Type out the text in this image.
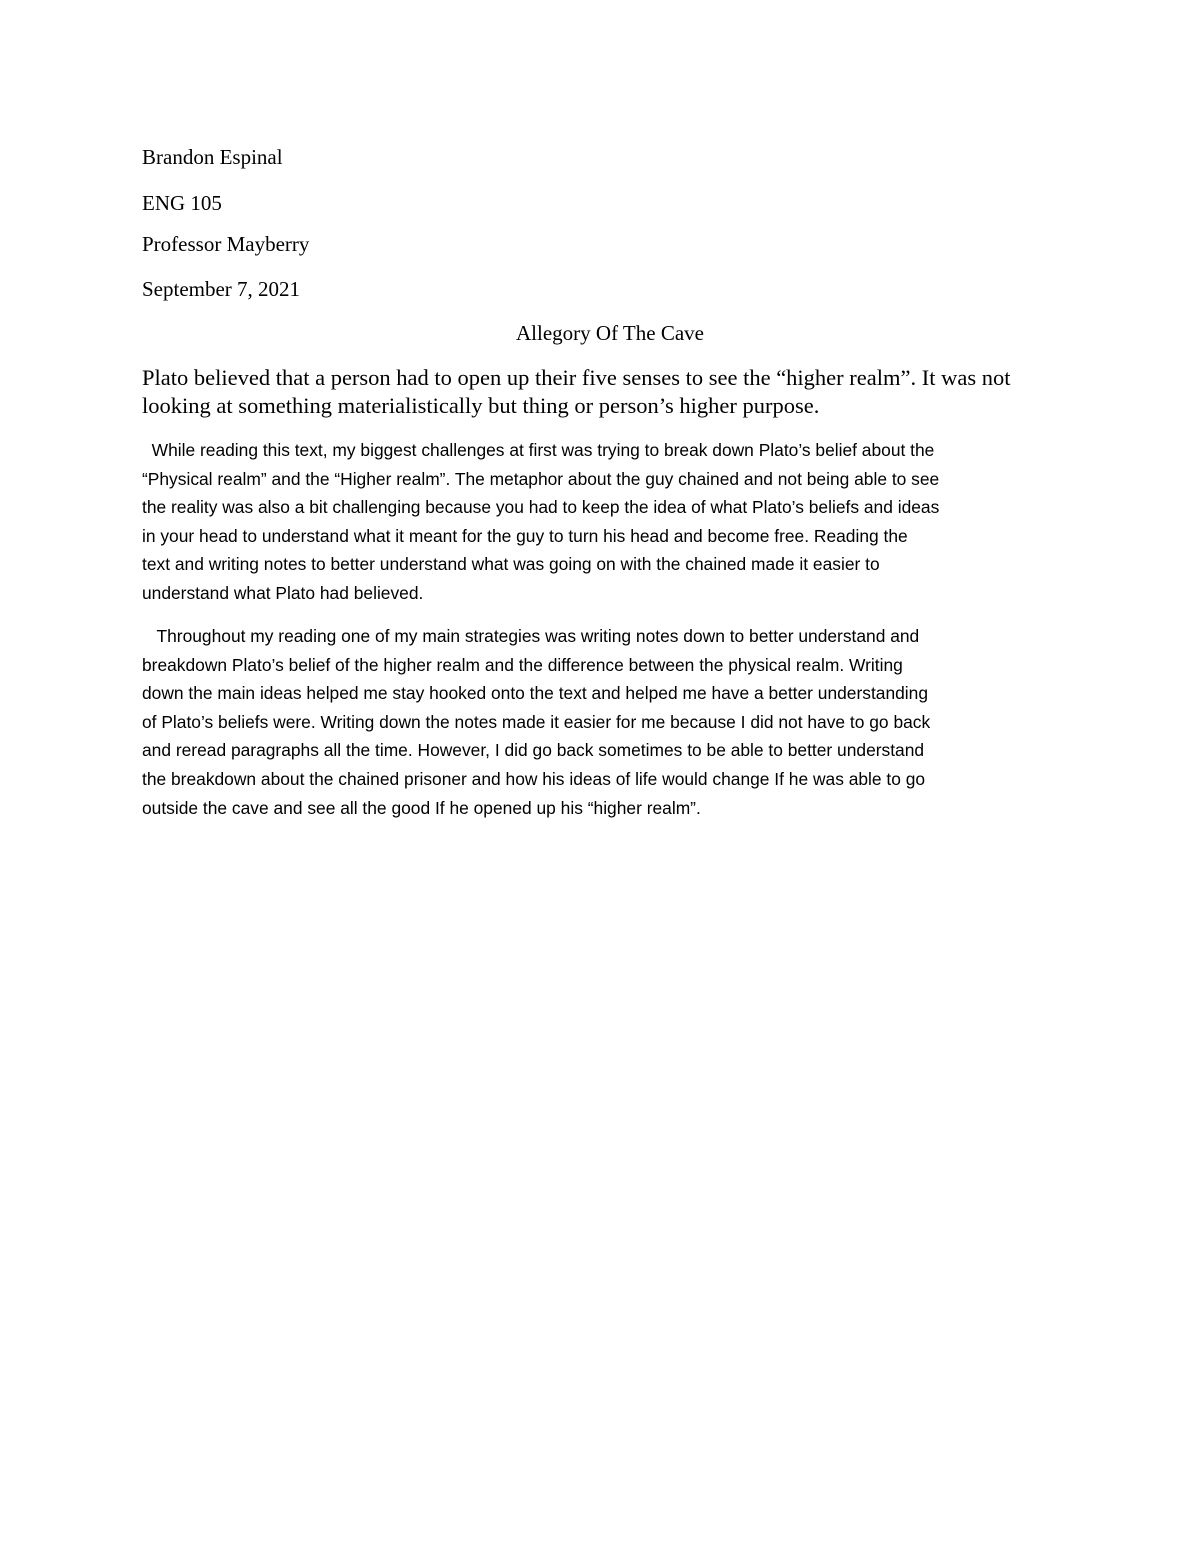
Brandon Espinal
ENG 105
Professor Mayberry
September 7, 2021
Allegory Of The Cave
Plato believed that a person had to open up their five senses to see the “higher realm”. It was not
looking at something materialistically but thing or person’s higher purpose.
While reading this text, my biggest challenges at first was trying to break down Plato’s belief about the
“Physical realm” and the “Higher realm”. The metaphor about the guy chained and not being able to see
the reality was also a bit challenging because you had to keep the idea of what Plato’s beliefs and ideas
in your head to understand what it meant for the guy to turn his head and become free. Reading the
text and writing notes to better understand what was going on with the chained made it easier to
understand what Plato had believed.
Throughout my reading one of my main strategies was writing notes down to better understand and
breakdown Plato’s belief of the higher realm and the difference between the physical realm. Writing
down the main ideas helped me stay hooked onto the text and helped me have a better understanding
of Plato’s beliefs were. Writing down the notes made it easier for me because I did not have to go back
and reread paragraphs all the time. However, I did go back sometimes to be able to better understand
the breakdown about the chained prisoner and how his ideas of life would change If he was able to go
outside the cave and see all the good If he opened up his “higher realm”.
